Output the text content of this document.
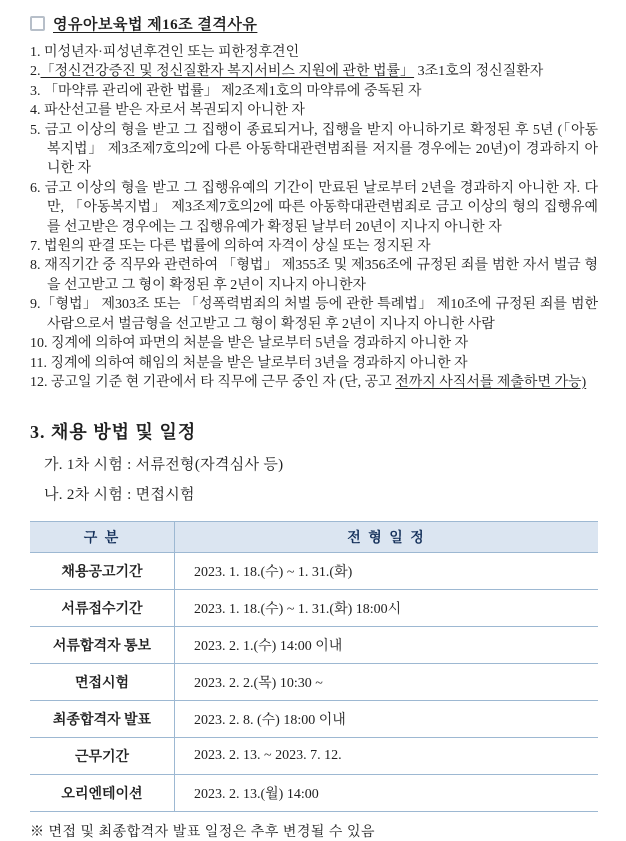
영유아보육법 제16조 결격사유
1. 미성년자·피성년후견인 또는 피한정후견인
2.「정신건강증진 및 정신질환자 복지서비스 지원에 관한 법률」 3조1호의 정신질환자
3. 「마약류 관리에 관한 법률」 제2조제1호의 마약류에 중독된 자
4. 파산선고를 받은 자로서 복권되지 아니한 자
5. 금고 이상의 형을 받고 그 집행이 종료되거나, 집행을 받지 아니하기로 확정된 후 5년 (「아동복지법」 제3조제7호의2에 다른 아동학대관련범죄를 저지를 경우에는 20년)이 경과하지 아니한 자
6. 금고 이상의 형을 받고 그 집행유예의 기간이 만료된 날로부터 2년을 경과하지 아니한 자. 다만, 「아동복지법」 제3조제7호의2에 따른 아동학대관련범죄로 금고 이상의 형의 집행유예 를 선고받은 경우에는 그 집행유예가 확정된 날부터 20년이 지나지 아니한 자
7. 법원의 판결 또는 다른 법률에 의하여 자격이 상실 또는 정지된 자
8. 재직기간 중 직무와 관련하여 「형법」 제355조 및 제356조에 규정된 죄를 범한 자서 벌금 형을 선고받고 그 형이 확정된 후 2년이 지나지 아니한자
9.「형법」 제303조 또는 「성폭력범죄의 처벌 등에 관한 특례법」 제10조에 규정된 죄를 범한 사람으로서 벌금형을 선고받고 그 형이 확정된 후 2년이 지나지 아니한 사람
10. 징계에 의하여 파면의 처분을 받은 날로부터 5년을 경과하지 아니한 자
11. 징계에 의하여 해임의 처분을 받은 날로부터 3년을 경과하지 아니한 자
12. 공고일 기준 현 기관에서 타 직무에 근무 중인 자 (단, 공고 전까지 사직서를 제출하면 가능)
3. 채용 방법 및 일정
가. 1차 시험 : 서류전형(자격심사 등)
나. 2차 시험 : 면접시험
구 분	전 형 일 정
채용공고기간	2023. 1. 18.(수) ~ 1. 31.(화)
서류접수기간	2023. 1. 18.(수) ~ 1. 31.(화) 18:00시
서류합격자 통보	2023. 2. 1.(수) 14:00 이내
면접시험	2023. 2. 2.(목) 10:30 ~
최종합격자 발표	2023. 2. 8. (수) 18:00 이내
근무기간	2023. 2. 13. ~ 2023. 7. 12.
오리엔테이션	2023. 2. 13.(월) 14:00
※ 면접 및 최종합격자 발표 일정은 추후 변경될 수 있음
